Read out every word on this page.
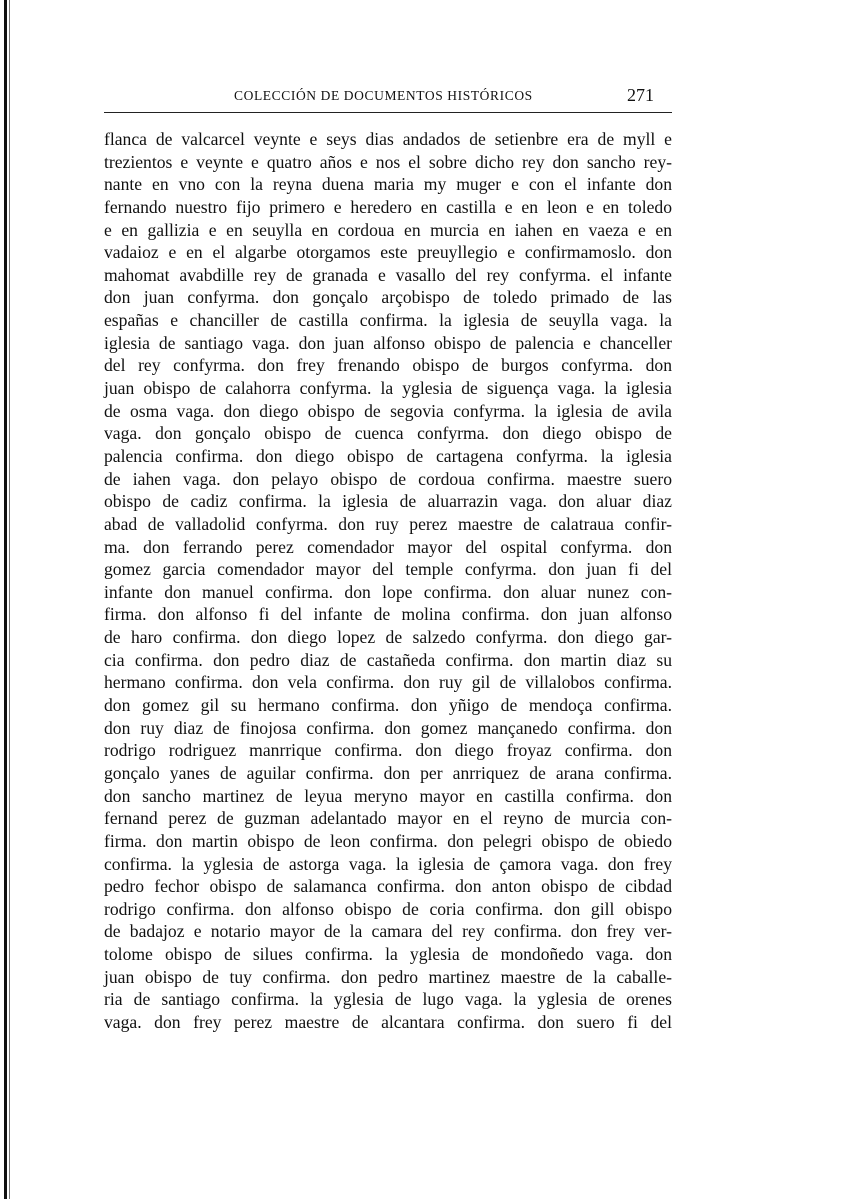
COLECCIÓN DE DOCUMENTOS HISTÓRICOS	271
flanca de valcarcel veynte e seys dias andados de setienbre era de myll e
trezientos e veynte e quatro años e nos el sobre dicho rey don sancho rey-
nante en vno con la reyna duena maria my muger e con el infante don
fernando nuestro fijo primero e heredero en castilla e en leon e en toledo
e en gallizia e en seuylla en cordoua en murcia en iahen en vaeza e en
vadaioz e en el algarbe otorgamos este preuyllegio e confirmamoslo. don
mahomat avabdille rey de granada e vasallo del rey confyrma. el infante
don juan confyrma. don gonçalo arçobispo de toledo primado de las
españas e chanciller de castilla confirma. la iglesia de seuylla vaga. la
iglesia de santiago vaga. don juan alfonso obispo de palencia e chanceller
del rey confyrma. don frey frenando obispo de burgos confyrma. don
juan obispo de calahorra confyrma. la yglesia de siguença vaga. la iglesia
de osma vaga. don diego obispo de segovia confyrma. la iglesia de avila
vaga. don gonçalo obispo de cuenca confyrma. don diego obispo de
palencia confirma. don diego obispo de cartagena confyrma. la iglesia
de iahen vaga. don pelayo obispo de cordoua confirma. maestre suero
obispo de cadiz confirma. la iglesia de aluarrazin vaga. don aluar diaz
abad de valladolid confyrma. don ruy perez maestre de calatraua confir-
ma. don ferrando perez comendador mayor del ospital confyrma. don
gomez garcia comendador mayor del temple confyrma. don juan fi del
infante don manuel confirma. don lope confirma. don aluar nunez con-
firma. don alfonso fi del infante de molina confirma. don juan alfonso
de haro confirma. don diego lopez de salzedo confyrma. don diego gar-
cia confirma. don pedro diaz de castañeda confirma. don martin diaz su
hermano confirma. don vela confirma. don ruy gil de villalobos confirma.
don gomez gil su hermano confirma. don yñigo de mendoça confirma.
don ruy diaz de finojosa confirma. don gomez mançanedo confirma. don
rodrigo rodriguez manrrique confirma. don diego froyaz confirma. don
gonçalo yanes de aguilar confirma. don per anrriquez de arana confirma.
don sancho martinez de leyua meryno mayor en castilla confirma. don
fernand perez de guzman adelantado mayor en el reyno de murcia con-
firma. don martin obispo de leon confirma. don pelegri obispo de obiedo
confirma. la yglesia de astorga vaga. la iglesia de çamora vaga. don frey
pedro fechor obispo de salamanca confirma. don anton obispo de cibdad
rodrigo confirma. don alfonso obispo de coria confirma. don gill obispo
de badajoz e notario mayor de la camara del rey confirma. don frey ver-
tolome obispo de silues confirma. la yglesia de mondoñedo vaga. don
juan obispo de tuy confirma. don pedro martinez maestre de la caballe-
ria de santiago confirma. la yglesia de lugo vaga. la yglesia de orenes
vaga. don frey perez maestre de alcantara confirma. don suero fi del
